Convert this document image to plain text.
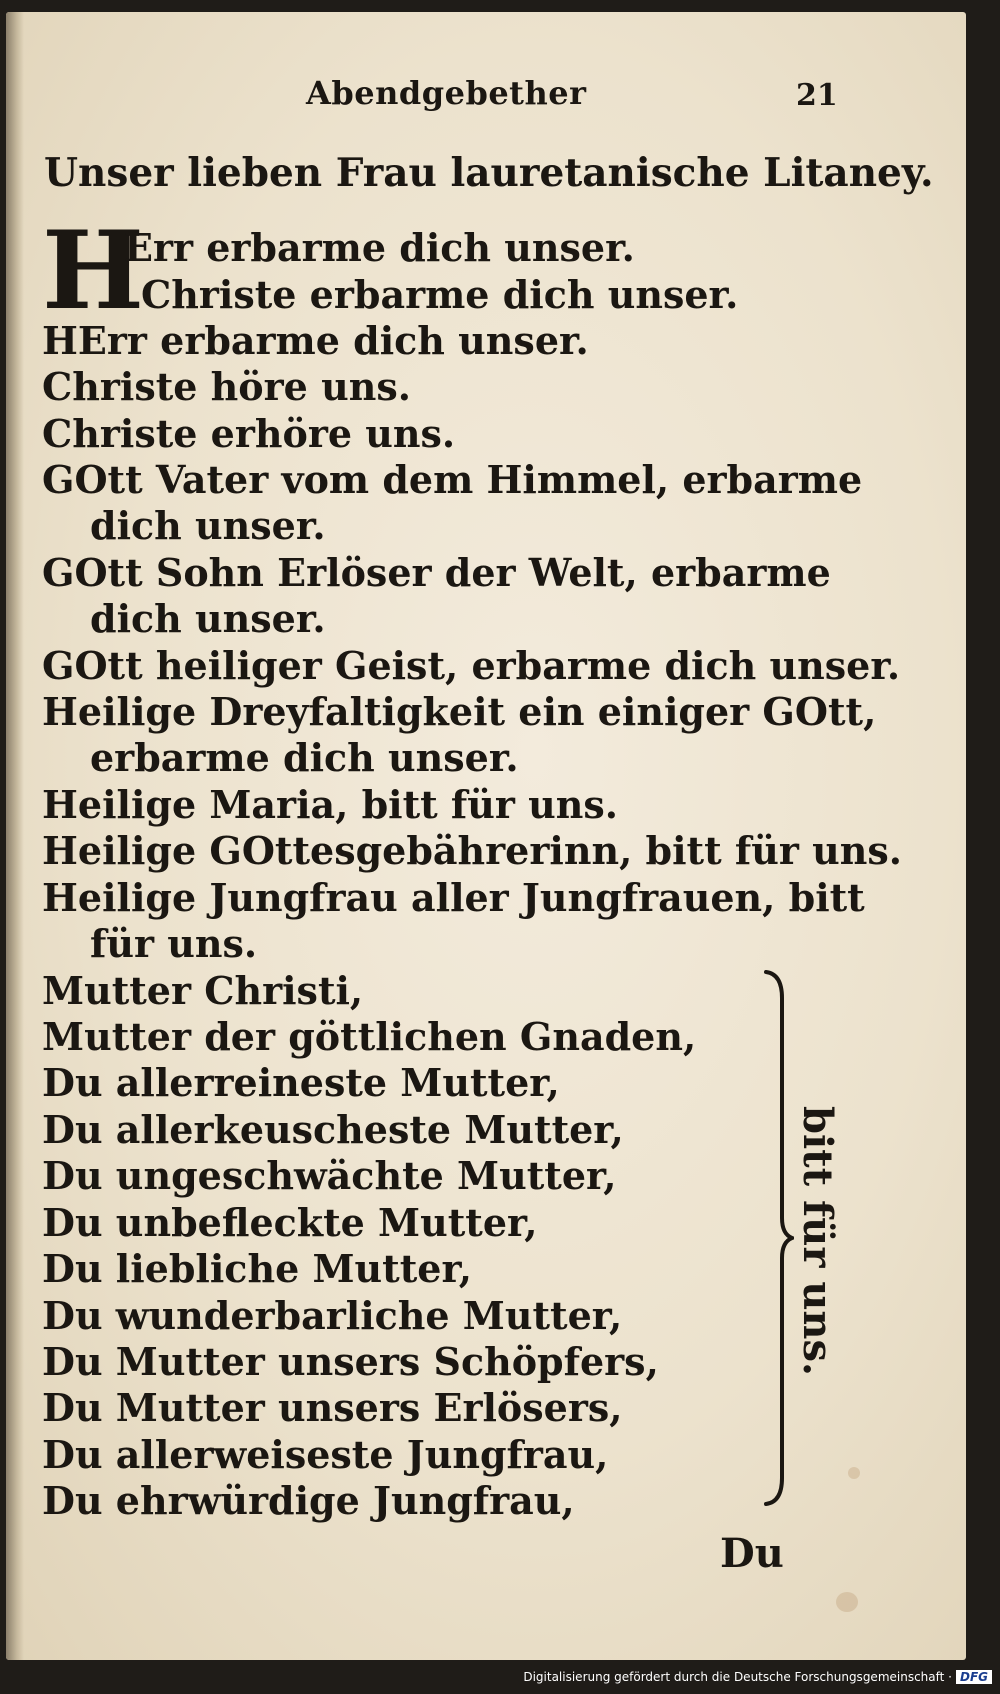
Abendgebether	21
Unser lieben Frau lauretanische Litaney.
H
Err erbarme dich unser.
Christe erbarme dich unser.
HErr erbarme dich unser.
Christe höre uns.
Christe erhöre uns.
GOtt Vater vom dem Himmel, erbarme
dich unser.
GOtt Sohn Erlöser der Welt, erbarme
dich unser.
GOtt heiliger Geist, erbarme dich unser.
Heilige Dreyfaltigkeit ein einiger GOtt,
erbarme dich unser.
Heilige Maria, bitt für uns.
Heilige GOttesgebährerinn, bitt für uns.
Heilige Jungfrau aller Jungfrauen, bitt
für uns.
Mutter Christi,
Mutter der göttlichen Gnaden,
Du allerreineste Mutter,
Du allerkeuscheste Mutter,
Du ungeschwächte Mutter,
Du unbefleckte Mutter,
Du liebliche Mutter,
Du wunderbarliche Mutter,
Du Mutter unsers Schöpfers,
Du Mutter unsers Erlösers,
Du allerweiseste Jungfrau,
Du ehrwürdige Jungfrau,
bitt für uns.
Du
Digitalisierung gefördert durch die Deutsche Forschungsgemeinschaft · DFG
